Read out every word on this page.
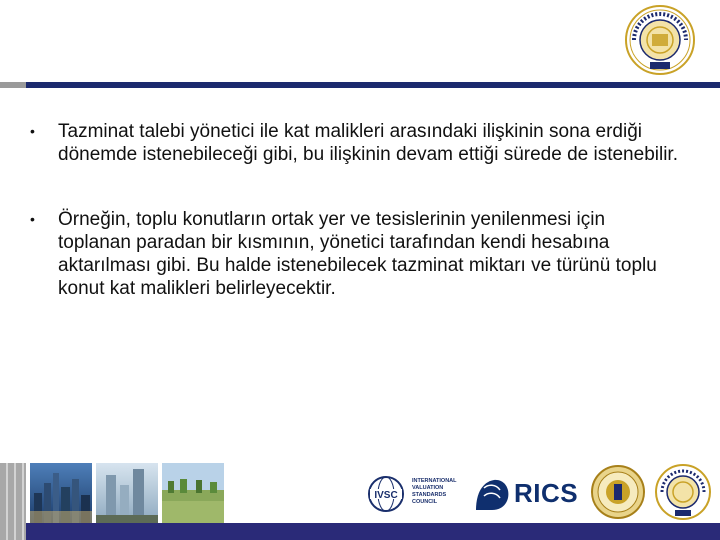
• Tazminat talebi yönetici ile kat malikleri arasındaki ilişkinin sona erdiği dönemde istenebileceği gibi, bu ilişkinin devam ettiği sürede de istenebilir.
• Örneğin, toplu konutların ortak yer ve tesislerinin yenilenmesi için toplanan paradan bir kısmının, yönetici tarafından kendi hesabına aktarılması gibi. Bu halde istenebilecek tazminat miktarı ve türünü toplu konut kat malikleri belirleyecektir.
IVSC
INTERNATIONAL
VALUATION
STANDARDS
COUNCIL	RICS
